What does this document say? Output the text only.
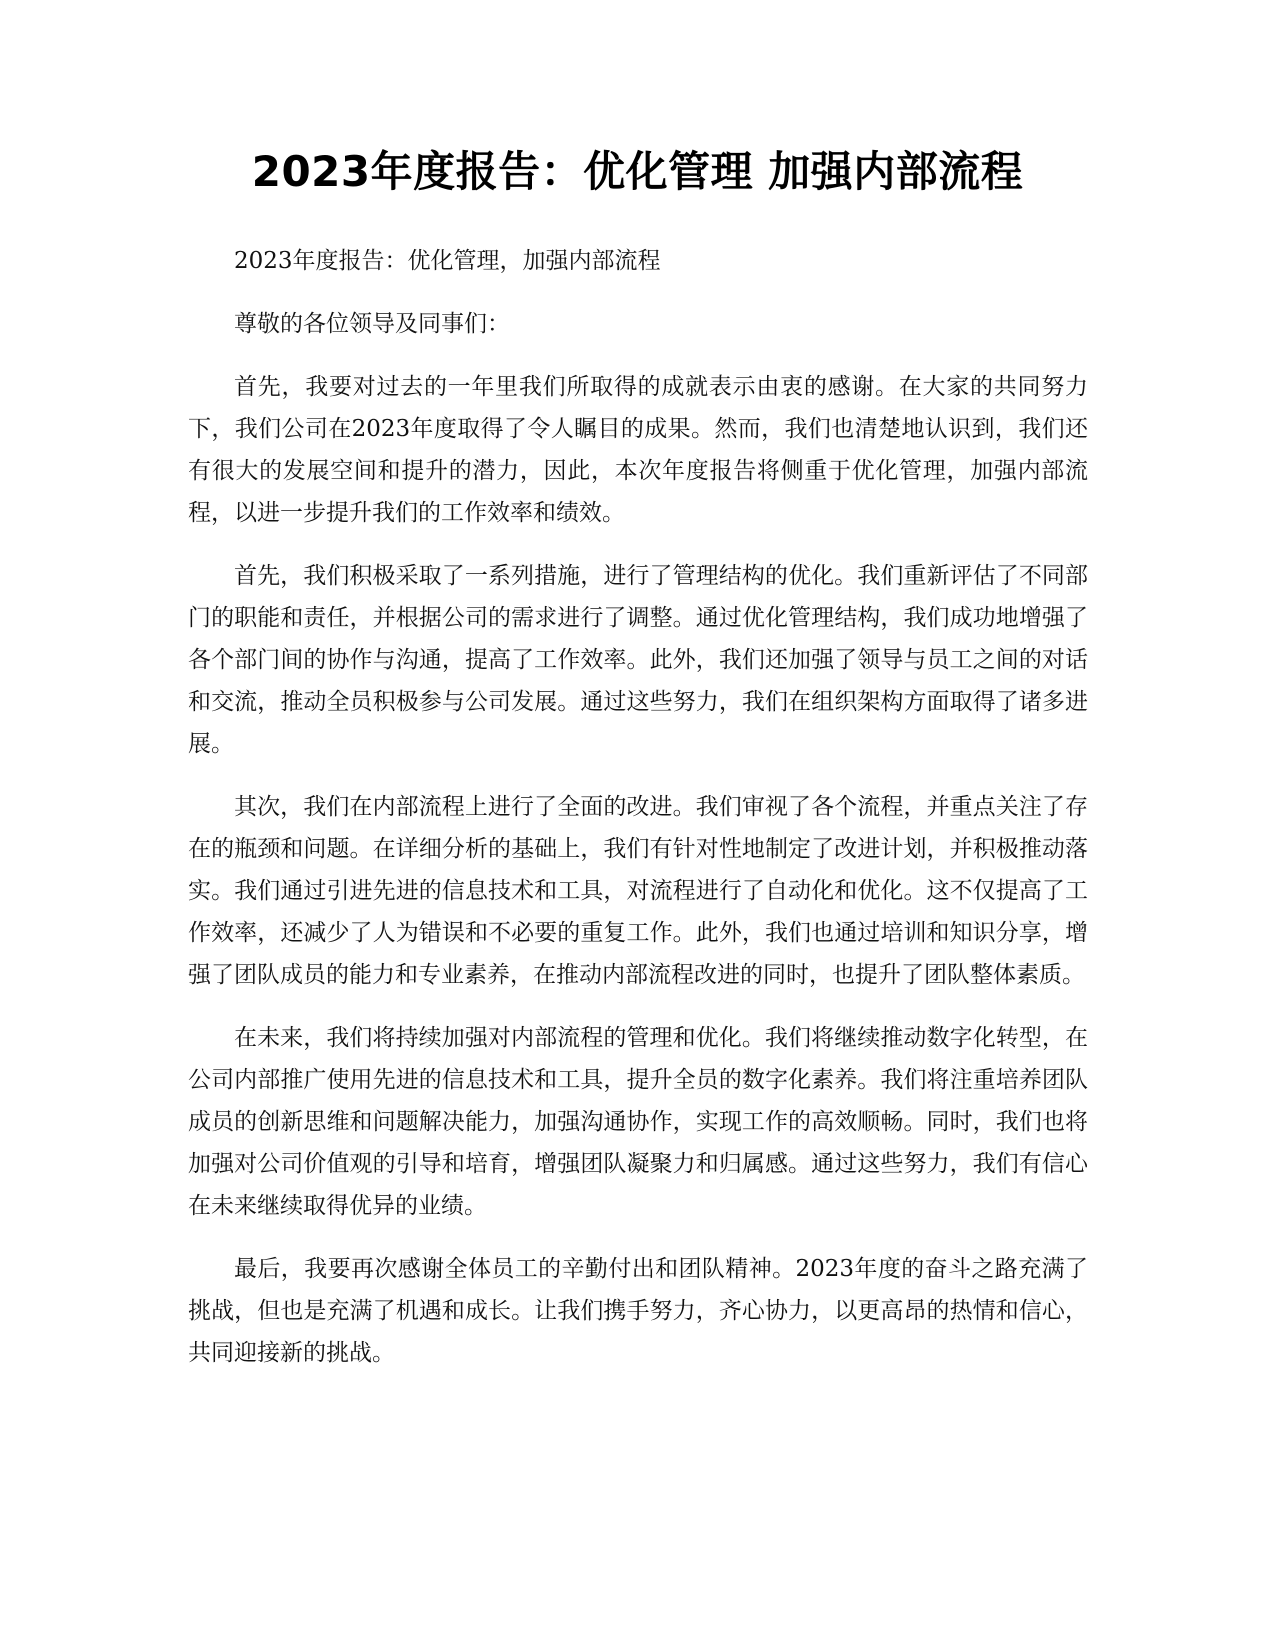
2023年度报告：优化管理 加强内部流程

2023年度报告：优化管理，加强内部流程

尊敬的各位领导及同事们：

首先，我要对过去的一年里我们所取得的成就表示由衷的感谢。在大家的共同努力下，我们公司在2023年度取得了令人瞩目的成果。然而，我们也清楚地认识到，我们还有很大的发展空间和提升的潜力，因此，本次年度报告将侧重于优化管理，加强内部流程，以进一步提升我们的工作效率和绩效。

首先，我们积极采取了一系列措施，进行了管理结构的优化。我们重新评估了不同部门的职能和责任，并根据公司的需求进行了调整。通过优化管理结构，我们成功地增强了各个部门间的协作与沟通，提高了工作效率。此外，我们还加强了领导与员工之间的对话和交流，推动全员积极参与公司发展。通过这些努力，我们在组织架构方面取得了诸多进展。

其次，我们在内部流程上进行了全面的改进。我们审视了各个流程，并重点关注了存在的瓶颈和问题。在详细分析的基础上，我们有针对性地制定了改进计划，并积极推动落实。我们通过引进先进的信息技术和工具，对流程进行了自动化和优化。这不仅提高了工作效率，还减少了人为错误和不必要的重复工作。此外，我们也通过培训和知识分享，增强了团队成员的能力和专业素养，在推动内部流程改进的同时，也提升了团队整体素质。

在未来，我们将持续加强对内部流程的管理和优化。我们将继续推动数字化转型，在公司内部推广使用先进的信息技术和工具，提升全员的数字化素养。我们将注重培养团队成员的创新思维和问题解决能力，加强沟通协作，实现工作的高效顺畅。同时，我们也将加强对公司价值观的引导和培育，增强团队凝聚力和归属感。通过这些努力，我们有信心在未来继续取得优异的业绩。

最后，我要再次感谢全体员工的辛勤付出和团队精神。2023年度的奋斗之路充满了挑战，但也是充满了机遇和成长。让我们携手努力，齐心协力，以更高昂的热情和信心，共同迎接新的挑战。
